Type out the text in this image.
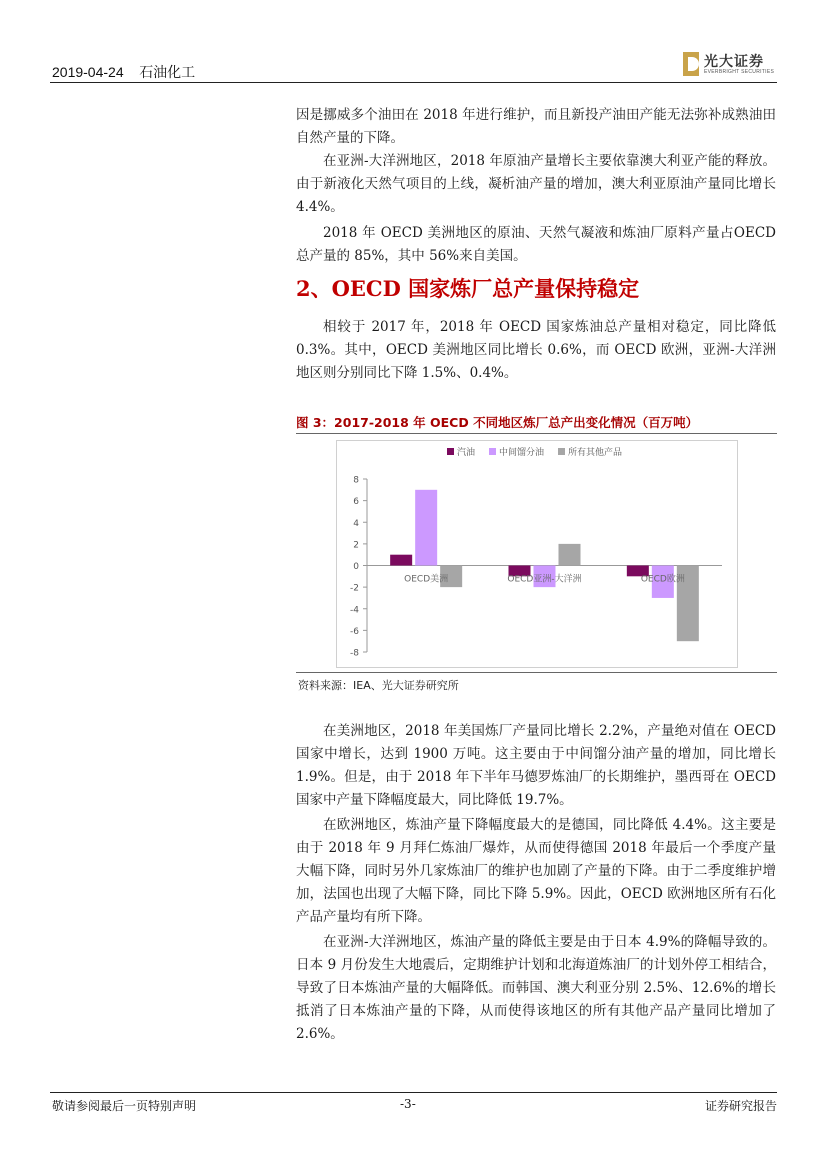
2019-04-24 石油化工
光大证券
EVERBRIGHT SECURITIES

因是挪威多个油田在 2018 年进行维护，而且新投产油田产能无法弥补成熟油田自然产量的下降。

在亚洲-大洋洲地区，2018 年原油产量增长主要依靠澳大利亚产能的释放。由于新液化天然气项目的上线，凝析油产量的增加，澳大利亚原油产量同比增长 4.4%。

2018 年 OECD 美洲地区的原油、天然气凝液和炼油厂原料产量占OECD 总产量的 85%，其中 56%来自美国。

2、OECD 国家炼厂总产量保持稳定

相较于 2017 年，2018 年 OECD 国家炼油总产量相对稳定，同比降低 0.3%。其中，OECD 美洲地区同比增长 0.6%，而 OECD 欧洲，亚洲-大洋洲地区则分别同比下降 1.5%、0.4%。

图 3：2017-2018 年 OECD 不同地区炼厂总产出变化情况（百万吨）
8
6
4
2
0
-2
-4
-6
-8
OECD美洲	OECD亚洲-大洋洲	OECD欧洲
汽油	中间馏分油	所有其他产品
资料来源：IEA、光大证券研究所

在美洲地区，2018 年美国炼厂产量同比增长 2.2%，产量绝对值在 OECD 国家中增长，达到 1900 万吨。这主要由于中间馏分油产量的增加，同比增长 1.9%。但是，由于 2018 年下半年马德罗炼油厂的长期维护，墨西哥在 OECD 国家中产量下降幅度最大，同比降低 19.7%。

在欧洲地区，炼油产量下降幅度最大的是德国，同比降低 4.4%。这主要是由于 2018 年 9 月拜仁炼油厂爆炸，从而使得德国 2018 年最后一个季度产量大幅下降，同时另外几家炼油厂的维护也加剧了产量的下降。由于二季度维护增加，法国也出现了大幅下降，同比下降 5.9%。因此，OECD 欧洲地区所有石化产品产量均有所下降。

在亚洲-大洋洲地区，炼油产量的降低主要是由于日本 4.9%的降幅导致的。日本 9 月份发生大地震后，定期维护计划和北海道炼油厂的计划外停工相结合，导致了日本炼油产量的大幅降低。而韩国、澳大利亚分别 2.5%、12.6%的增长抵消了日本炼油产量的下降，从而使得该地区的所有其他产品产量同比增加了 2.6%。

敬请参阅最后一页特别声明	-3-	证券研究报告
